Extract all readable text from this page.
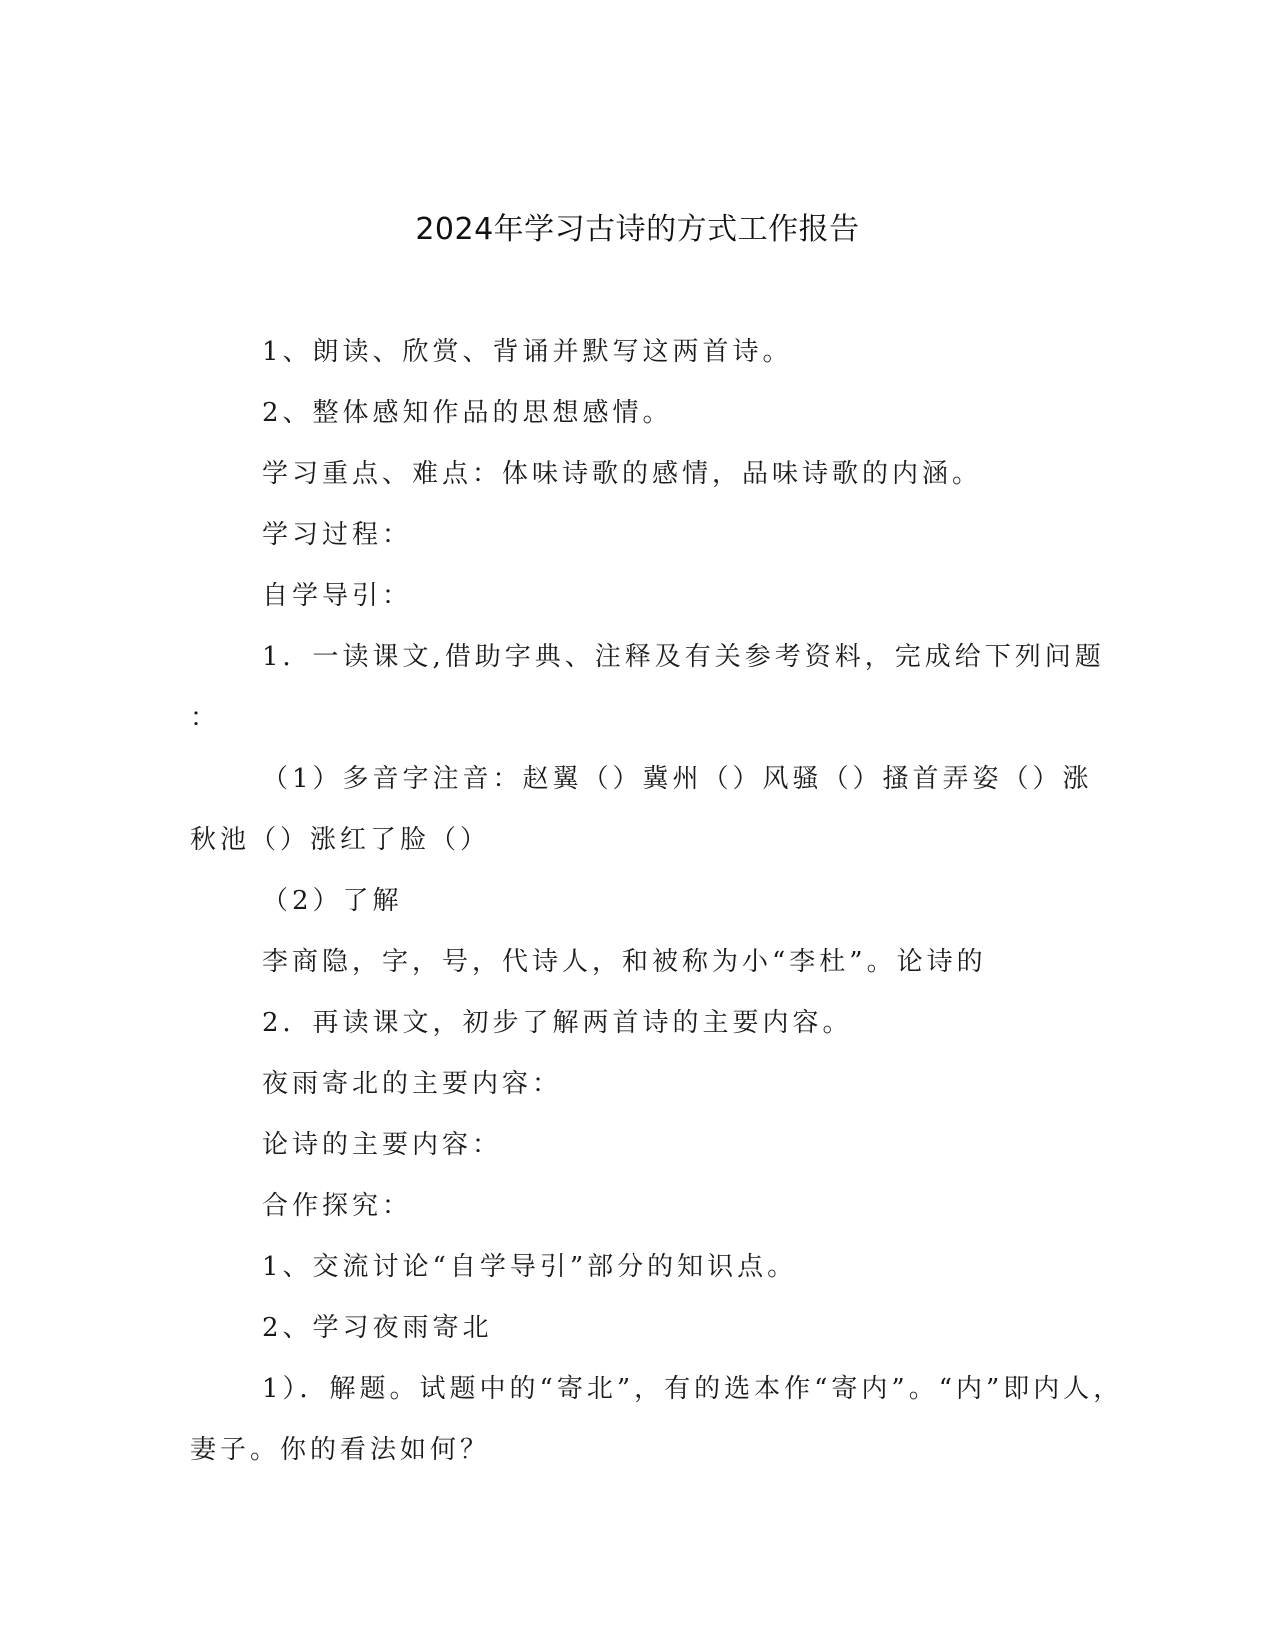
2024年学习古诗的方式工作报告

1、朗读、欣赏、背诵并默写这两首诗。

2、整体感知作品的思想感情。

学习重点、难点：体味诗歌的感情，品味诗歌的内涵。

学习过程：

自学导引：

1．一读课文,借助字典、注释及有关参考资料，完成给下列问题

：

（1）多音字注音：赵翼（）冀州（）风骚（）搔首弄姿（）涨

秋池（）涨红了脸（）

（2）了解

李商隐，字，号，代诗人，和被称为小“李杜”。论诗的

2．再读课文，初步了解两首诗的主要内容。

夜雨寄北的主要内容：

论诗的主要内容：

合作探究：

1、交流讨论“自学导引”部分的知识点。

2、学习夜雨寄北

1）．解题。试题中的“寄北”，有的选本作“寄内”。“内”即内人，

妻子。你的看法如何？
